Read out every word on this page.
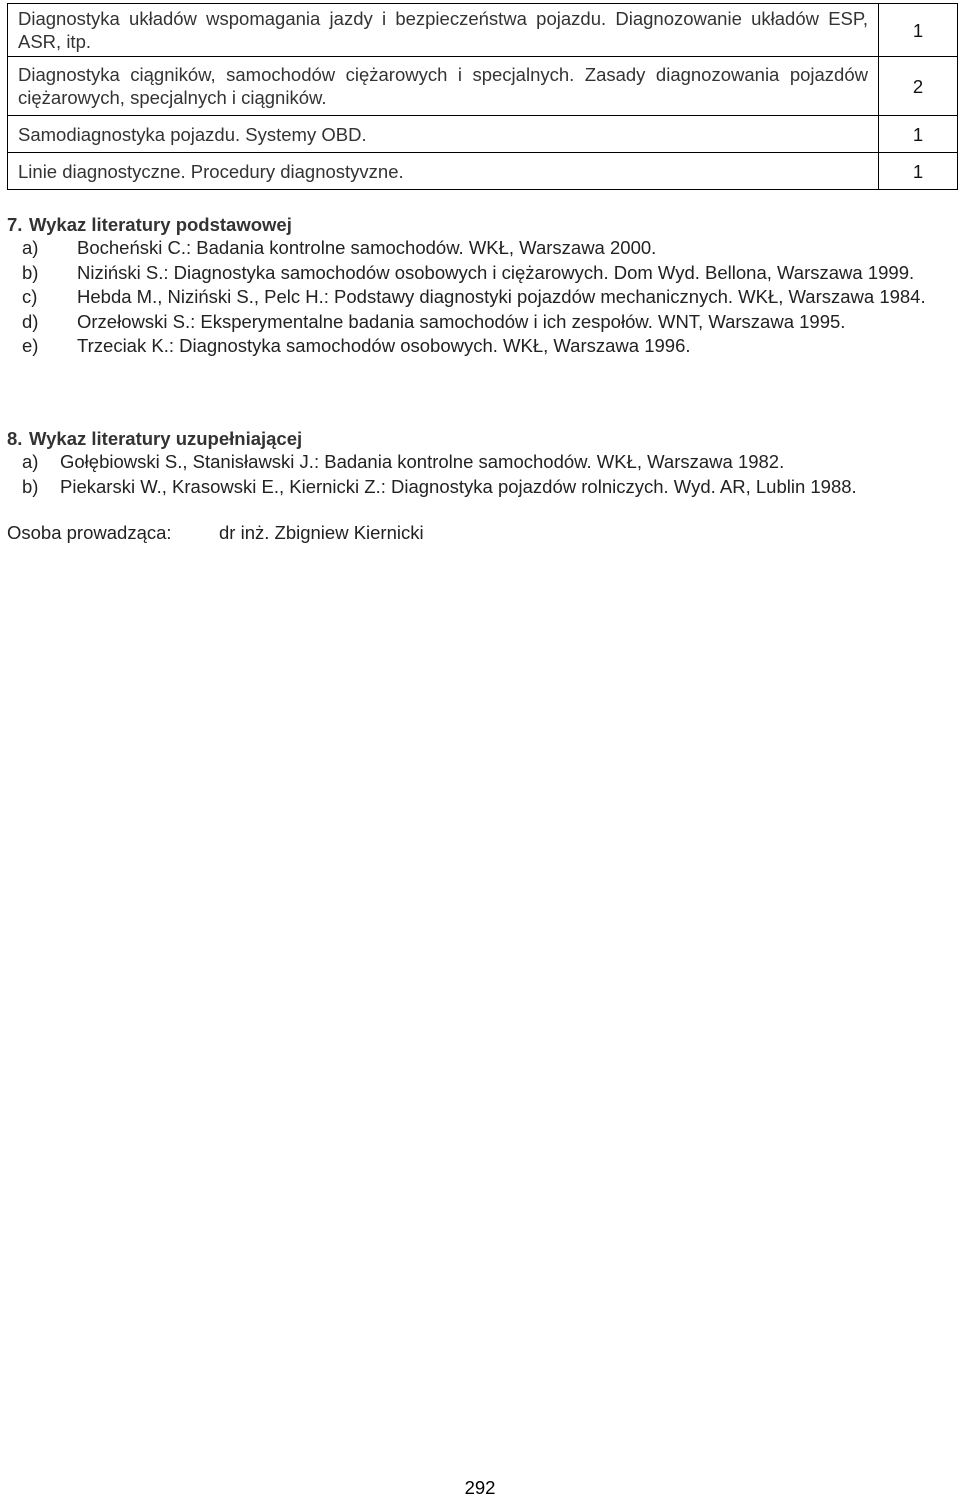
Diagnostyka układów wspomagania jazdy i bezpieczeństwa pojazdu. Diagnozowanie układów ESP, ASR, itp.	1
Diagnostyka ciągników, samochodów ciężarowych i specjalnych. Zasady diagnozowania pojazdów ciężarowych, specjalnych i ciągników.	2
Samodiagnostyka pojazdu. Systemy OBD.	1
Linie diagnostyczne. Procedury diagnostyvzne.	1
7. Wykaz literatury podstawowej
a) Bocheński C.: Badania kontrolne samochodów. WKŁ, Warszawa 2000.
b) Niziński S.: Diagnostyka samochodów osobowych i ciężarowych. Dom Wyd. Bellona, Warszawa 1999.
c) Hebda M., Niziński S., Pelc H.: Podstawy diagnostyki pojazdów mechanicznych. WKŁ, Warszawa 1984.
d) Orzełowski S.: Eksperymentalne badania samochodów i ich zespołów. WNT, Warszawa 1995.
e) Trzeciak K.: Diagnostyka samochodów osobowych. WKŁ, Warszawa 1996.
8. Wykaz literatury uzupełniającej
a) Gołębiowski S., Stanisławski J.: Badania kontrolne samochodów. WKŁ, Warszawa 1982.
b) Piekarski W., Krasowski E., Kiernicki Z.: Diagnostyka pojazdów rolniczych. Wyd. AR, Lublin 1988.
Osoba prowadząca:	dr inż. Zbigniew Kiernicki
292
